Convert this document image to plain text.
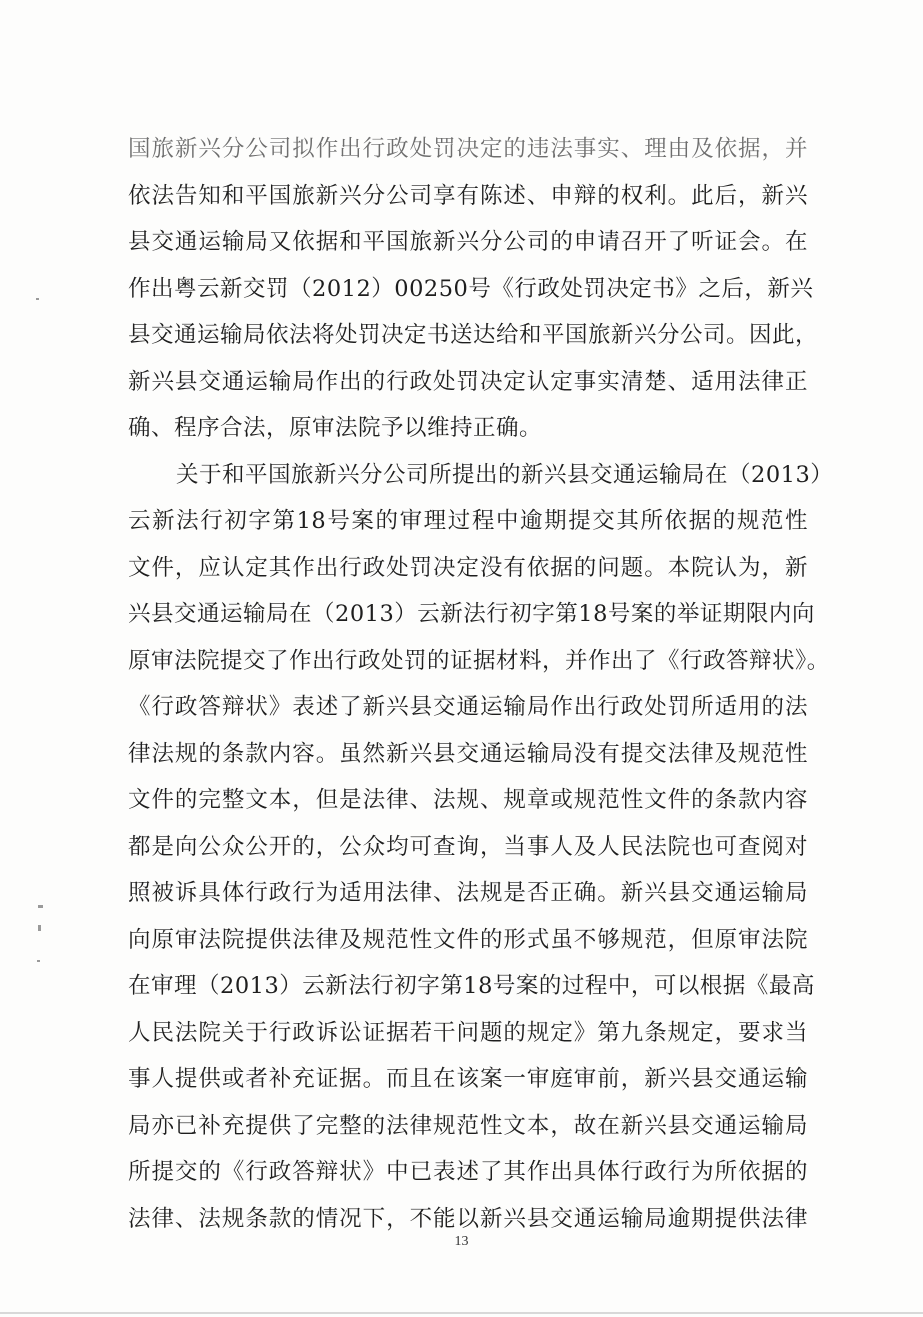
国旅新兴分公司拟作出行政处罚决定的违法事实、理由及依据，并
依法告知和平国旅新兴分公司享有陈述、申辩的权利。此后，新兴
县交通运输局又依据和平国旅新兴分公司的申请召开了听证会。在
作出粤云新交罚（2012）00250号《行政处罚决定书》之后，新兴
县交通运输局依法将处罚决定书送达给和平国旅新兴分公司。因此，
新兴县交通运输局作出的行政处罚决定认定事实清楚、适用法律正
确、程序合法，原审法院予以维持正确。
关于和平国旅新兴分公司所提出的新兴县交通运输局在（2013）
云新法行初字第18号案的审理过程中逾期提交其所依据的规范性
文件，应认定其作出行政处罚决定没有依据的问题。本院认为，新
兴县交通运输局在（2013）云新法行初字第18号案的举证期限内向
原审法院提交了作出行政处罚的证据材料，并作出了《行政答辩状》。
《行政答辩状》表述了新兴县交通运输局作出行政处罚所适用的法
律法规的条款内容。虽然新兴县交通运输局没有提交法律及规范性
文件的完整文本，但是法律、法规、规章或规范性文件的条款内容
都是向公众公开的，公众均可查询，当事人及人民法院也可查阅对
照被诉具体行政行为适用法律、法规是否正确。新兴县交通运输局
向原审法院提供法律及规范性文件的形式虽不够规范，但原审法院
在审理（2013）云新法行初字第18号案的过程中，可以根据《最高
人民法院关于行政诉讼证据若干问题的规定》第九条规定，要求当
事人提供或者补充证据。而且在该案一审庭审前，新兴县交通运输
局亦已补充提供了完整的法律规范性文本，故在新兴县交通运输局
所提交的《行政答辩状》中已表述了其作出具体行政行为所依据的
法律、法规条款的情况下，不能以新兴县交通运输局逾期提供法律
13
